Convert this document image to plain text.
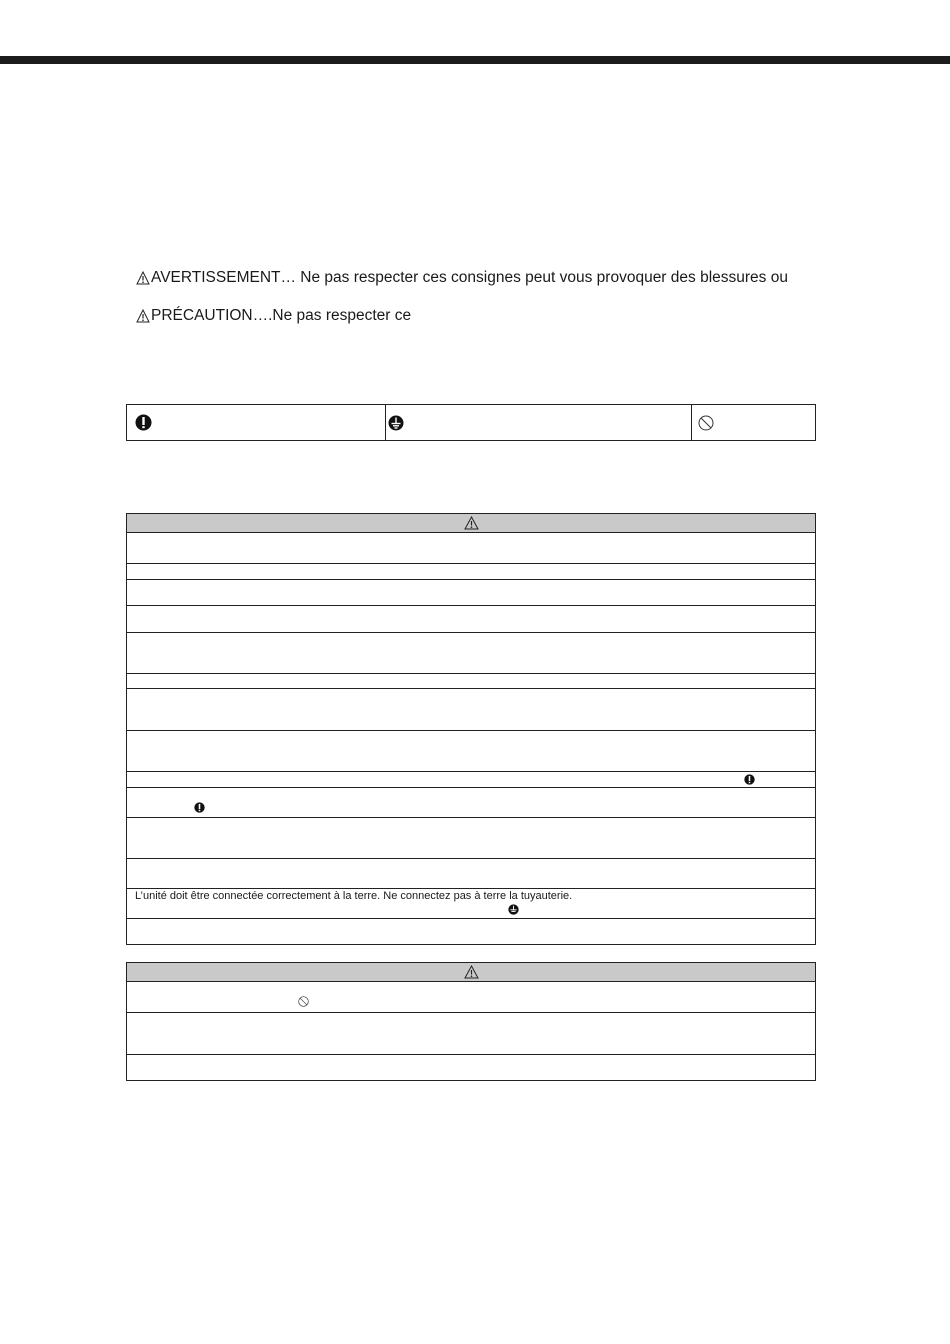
AVERTISSEMENT … Ne pas respecter ces consignes peut vous provoquer des blessures ou
PRÉCAUTION ….Ne pas respecter ce
L’unité doit être connectée correctement à la terre. Ne connectez pas à terre la tuyauterie.
